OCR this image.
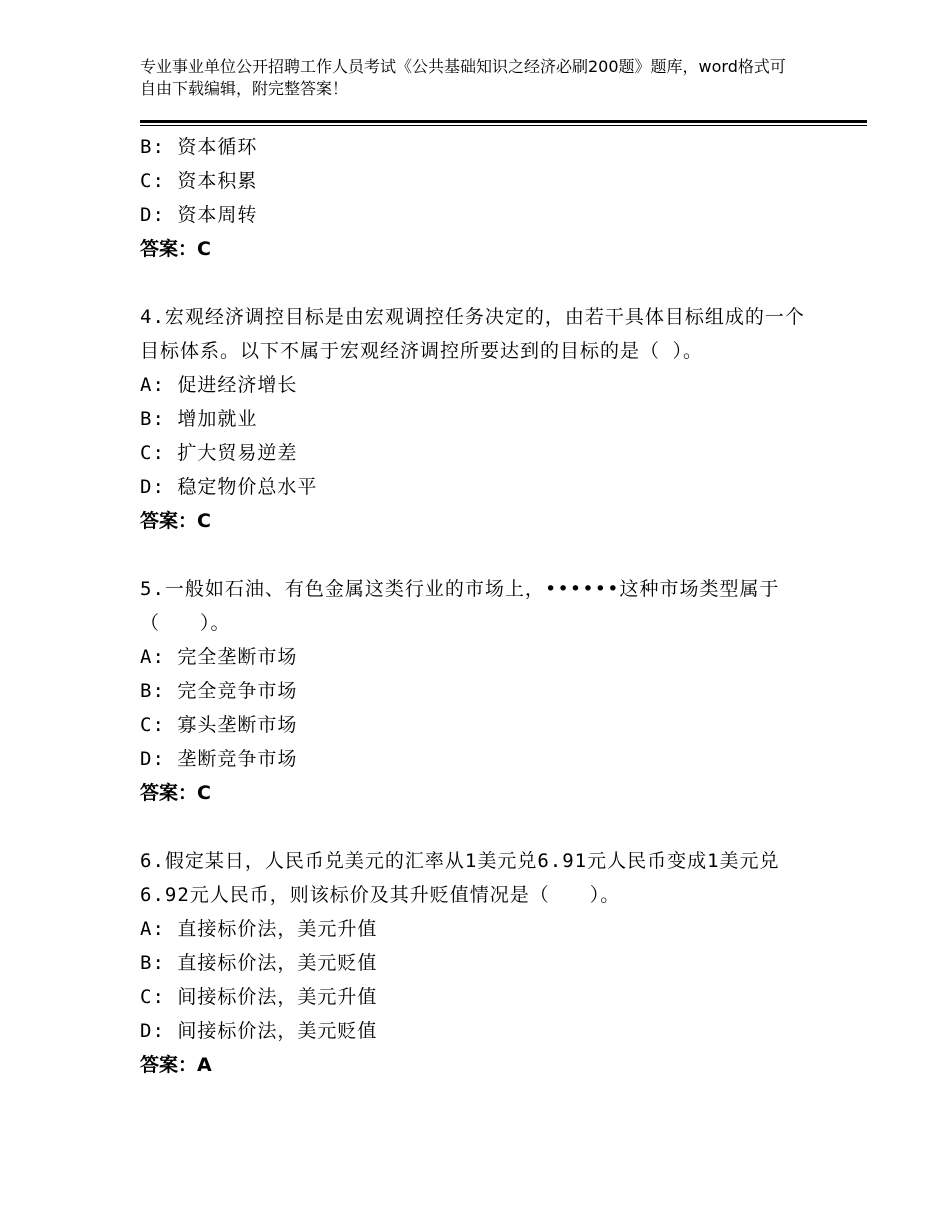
专业事业单位公开招聘工作人员考试《公共基础知识之经济必刷200题》题库，word格式可自由下载编辑，附完整答案！
B: 资本循环
C: 资本积累
D: 资本周转
答案：C
4.宏观经济调控目标是由宏观调控任务决定的，由若干具体目标组成的一个目标体系。以下不属于宏观经济调控所要达到的目标的是（ ）。
A: 促进经济增长
B: 增加就业
C: 扩大贸易逆差
D: 稳定物价总水平
答案：C
5.一般如石油、有色金属这类行业的市场上，••••••这种市场类型属于（　　）。
A: 完全垄断市场
B: 完全竞争市场
C: 寡头垄断市场
D: 垄断竞争市场
答案：C
6.假定某日，人民币兑美元的汇率从1美元兑6.91元人民币变成1美元兑6.92元人民币，则该标价及其升贬值情况是（　　）。
A: 直接标价法，美元升值
B: 直接标价法，美元贬值
C: 间接标价法，美元升值
D: 间接标价法，美元贬值
答案：A
